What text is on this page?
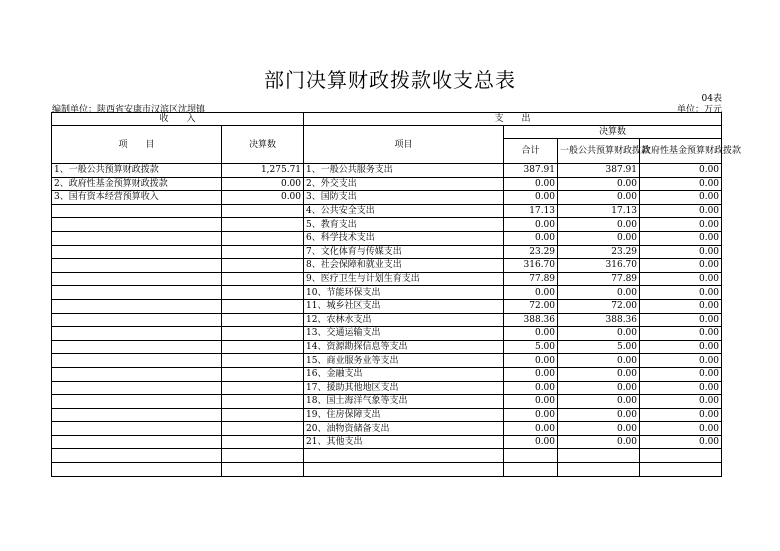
部门决算财政拨款收支总表
04表
编制单位：陕西省安康市汉滨区沈坝镇	单位：万元
收　　入		支　　出			
项　　目	决算数	项目	决算数		
			合计	一般公共预算财政拨款	政府性基金预算财政拨款
1、一般公共预算财政拨款	1,275.71	1、一般公共服务支出	387.91	387.91	0.00
2、政府性基金预算财政拨款	0.00	2、外交支出	0.00	0.00	0.00
3、国有资本经营预算收入	0.00	3、国防支出	0.00	0.00	0.00
		4、公共安全支出	17.13	17.13	0.00
		5、教育支出	0.00	0.00	0.00
		6、科学技术支出	0.00	0.00	0.00
		7、文化体育与传媒支出	23.29	23.29	0.00
		8、社会保障和就业支出	316.70	316.70	0.00
		9、医疗卫生与计划生育支出	77.89	77.89	0.00
		10、节能环保支出	0.00	0.00	0.00
		11、城乡社区支出	72.00	72.00	0.00
		12、农林水支出	388.36	388.36	0.00
		13、交通运输支出	0.00	0.00	0.00
		14、资源勘探信息等支出	5.00	5.00	0.00
		15、商业服务业等支出	0.00	0.00	0.00
		16、金融支出	0.00	0.00	0.00
		17、援助其他地区支出	0.00	0.00	0.00
		18、国土海洋气象等支出	0.00	0.00	0.00
		19、住房保障支出	0.00	0.00	0.00
		20、油物资储备支出	0.00	0.00	0.00
		21、其他支出	0.00	0.00	0.00
